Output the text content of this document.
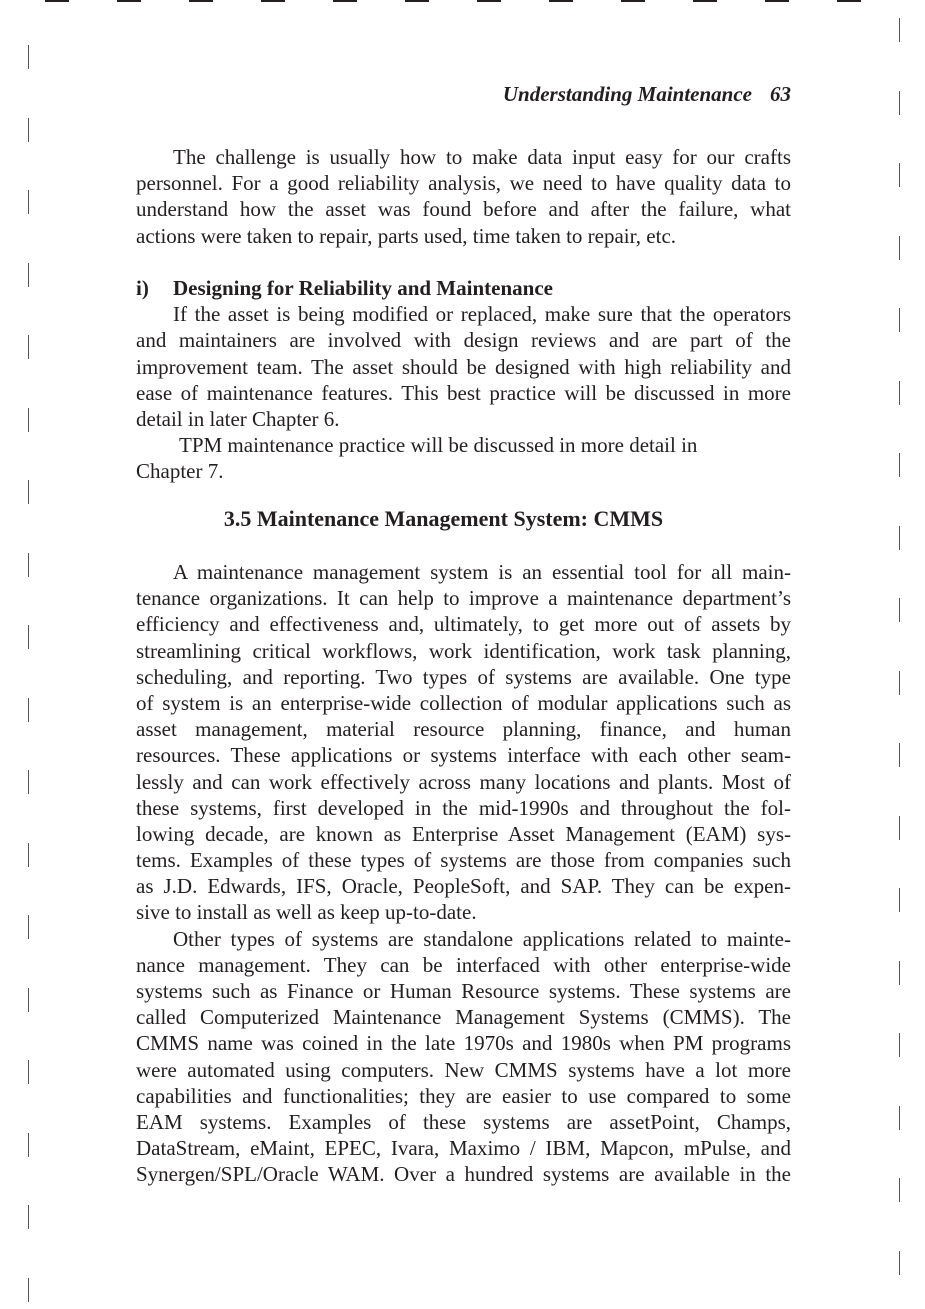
Understanding Maintenance 63
The challenge is usually how to make data input easy for our crafts
personnel. For a good reliability analysis, we need to have quality data to
understand how the asset was found before and after the failure, what
actions were taken to repair, parts used, time taken to repair, etc.
i) Designing for Reliability and Maintenance
If the asset is being modified or replaced, make sure that the operators
and maintainers are involved with design reviews and are part of the
improvement team. The asset should be designed with high reliability and
ease of maintenance features. This best practice will be discussed in more
detail in later Chapter 6.
TPM maintenance practice will be discussed in more detail in
Chapter 7.
3.5 Maintenance Management System: CMMS
A maintenance management system is an essential tool for all main-
tenance organizations. It can help to improve a maintenance department’s
efficiency and effectiveness and, ultimately, to get more out of assets by
streamlining critical workflows, work identification, work task planning,
scheduling, and reporting. Two types of systems are available. One type
of system is an enterprise-wide collection of modular applications such as
asset management, material resource planning, finance, and human
resources. These applications or systems interface with each other seam-
lessly and can work effectively across many locations and plants. Most of
these systems, first developed in the mid-1990s and throughout the fol-
lowing decade, are known as Enterprise Asset Management (EAM) sys-
tems. Examples of these types of systems are those from companies such
as J.D. Edwards, IFS, Oracle, PeopleSoft, and SAP. They can be expen-
sive to install as well as keep up-to-date.
Other types of systems are standalone applications related to mainte-
nance management. They can be interfaced with other enterprise-wide
systems such as Finance or Human Resource systems. These systems are
called Computerized Maintenance Management Systems (CMMS). The
CMMS name was coined in the late 1970s and 1980s when PM programs
were automated using computers. New CMMS systems have a lot more
capabilities and functionalities; they are easier to use compared to some
EAM systems. Examples of these systems are assetPoint, Champs,
DataStream, eMaint, EPEC, Ivara, Maximo / IBM, Mapcon, mPulse, and
Synergen/SPL/Oracle WAM. Over a hundred systems are available in the
